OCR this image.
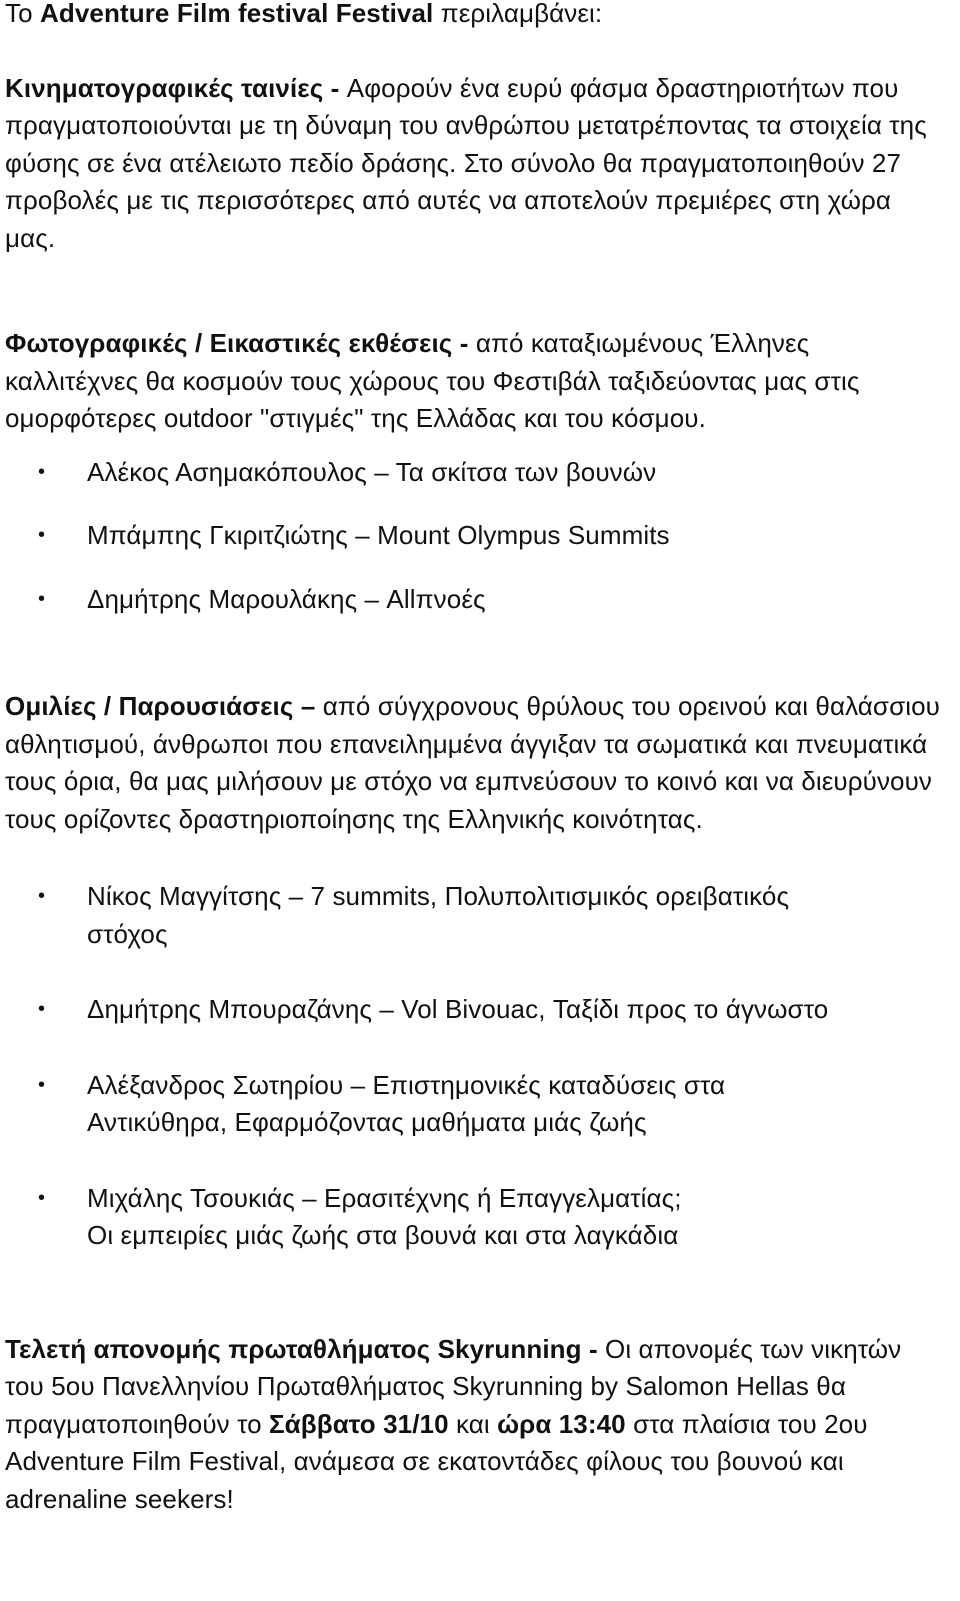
Το Adventure Film festival Festival περιλαμβάνει:

Κινηματογραφικές ταινίες - Αφορούν ένα ευρύ φάσμα δραστηριοτήτων που πραγματοποιούνται με τη δύναμη του ανθρώπου μετατρέποντας τα στοιχεία της φύσης σε ένα ατέλειωτο πεδίο δράσης. Στο σύνολο θα πραγματοποιηθούν 27 προβολές με τις περισσότερες από αυτές να αποτελούν πρεμιέρες στη χώρα μας.

Φωτογραφικές / Εικαστικές εκθέσεις - από καταξιωμένους Έλληνες καλλιτέχνες θα κοσμούν τους χώρους του Φεστιβάλ ταξιδεύοντας μας στις ομορφότερες outdoor "στιγμές" της Ελλάδας και του κόσμου.

• Αλέκος Ασημακόπουλος – Τα σκίτσα των βουνών
• Μπάμπης Γκιριτζιώτης – Mount Olympus Summits
• Δημήτρης Μαρουλάκης – Allπνοές

Ομιλίες / Παρουσιάσεις – από σύγχρονους θρύλους του ορεινού και θαλάσσιου αθλητισμού, άνθρωποι που επανειλημμένα άγγιξαν τα σωματικά και πνευματικά τους όρια, θα μας μιλήσουν με στόχο να εμπνεύσουν το κοινό και να διευρύνουν τους ορίζοντες δραστηριοποίησης της Ελληνικής κοινότητας.

• Νίκος Μαγγίτσης – 7 summits, Πολυπολιτισμικός ορειβατικός
στόχος
• Δημήτρης Μπουραζάνης – Vol Bivouac, Ταξίδι προς το άγνωστο
• Αλέξανδρος Σωτηρίου – Επιστημονικές καταδύσεις στα
Αντικύθηρα, Εφαρμόζοντας μαθήματα μιάς ζωής
• Μιχάλης Τσουκιάς – Ερασιτέχνης ή Επαγγελματίας;
Οι εμπειρίες μιάς ζωής στα βουνά και στα λαγκάδια

Τελετή απονομής πρωταθλήματος Skyrunning - Οι απονομές των νικητών του 5ου Πανελληνίου Πρωταθλήματος Skyrunning by Salomon Hellas θα πραγματοποιηθούν το Σάββατο 31/10 και ώρα 13:40 στα πλαίσια του 2ου Adventure Film Festival, ανάμεσα σε εκατοντάδες φίλους του βουνού και adrenaline seekers!
